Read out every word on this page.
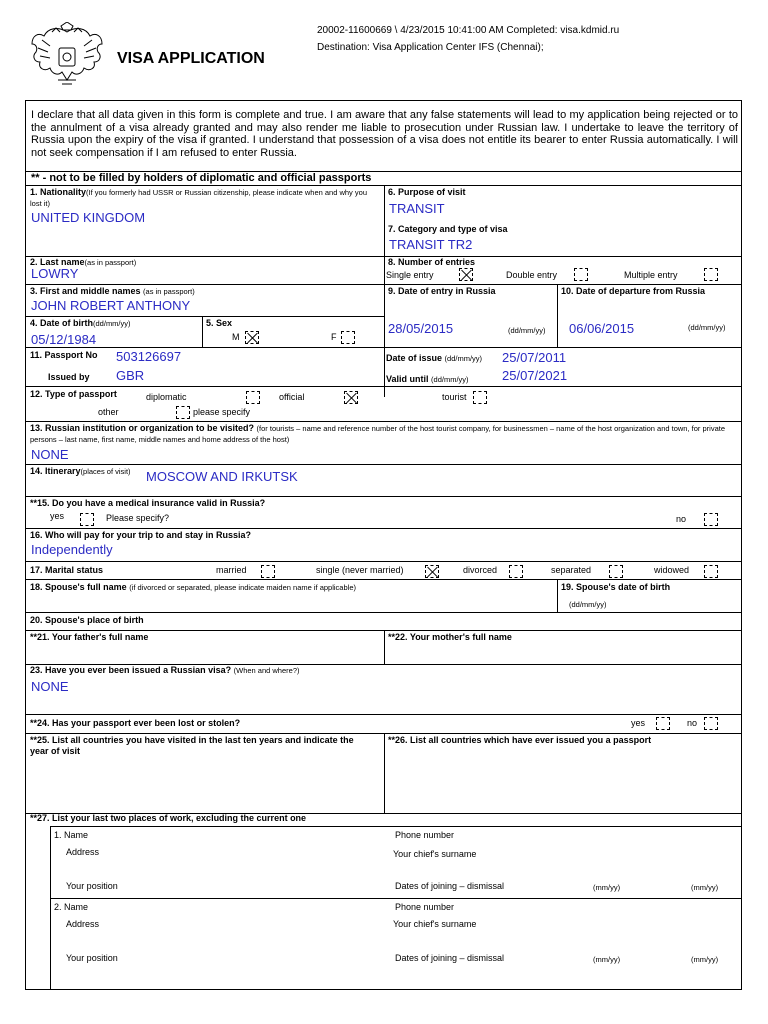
VISA APPLICATION
20002-11600669 \ 4/23/2015 10:41:00 AM Completed: visa.kdmid.ru
Destination: Visa Application Center IFS (Chennai);
I declare that all data given in this form is complete and true. I am aware that any false statements will lead to my application being rejected or to the annulment of a visa already granted and may also render me liable to prosecution under Russian law. I undertake to leave the territory of Russia upon the expiry of the visa if granted. I understand that possession of a visa does not entitle its bearer to enter Russia automatically. I will not seek compensation if I am refused to enter Russia.
** - not to be filled by holders of diplomatic and official passports
1. Nationality(If you formerly had USSR or Russian citizenship, please indicate when and why you lost it)
UNITED KINGDOM
6. Purpose of visit
TRANSIT
7. Category and type of visa
TRANSIT TR2
2. Last name(as in passport)
LOWRY
8. Number of entries
Single entry	Double entry	Multiple entry
3. First and middle names (as in passport)
JOHN ROBERT ANTHONY
9. Date of entry in Russia	10. Date of departure from Russia
28/05/2015	(dd/mm/yy) 06/06/2015	(dd/mm/yy)
4. Date of birth(dd/mm/yy)
05/12/1984
5. Sex
M	F
11. Passport No 503126697
Issued by GBR
Date of issue (dd/mm/yy) 25/07/2011
Valid until (dd/mm/yy)	25/07/2021
12. Type of passport	diplomatic	official	tourist
other	please specify
13. Russian institution or organization to be visited? (for tourists – name and reference number of the host tourist company, for businessmen – name of the host organization and town, for private persons – last name, first name, middle names and home address of the host)
NONE
14. Itinerary(places of visit) MOSCOW AND IRKUTSK
**15. Do you have a medical insurance valid in Russia?
yes	Please specify?	no
16. Who will pay for your trip to and stay in Russia?
Independently
17. Marital status	married	single (never married)	divorced	separated	widowed
18. Spouse's full name (if divorced or separated, please indicate maiden name if applicable)	19. Spouse's date of birth
(dd/mm/yy)
20. Spouse's place of birth
**21. Your father's full name	**22. Your mother's full name
23. Have you ever been issued a Russian visa? (When and where?)
NONE
**24. Has your passport ever been lost or stolen?	yes	no
**25. List all countries you have visited in the last ten years and indicate the year of visit
**26. List all countries which have ever issued you a passport
**27. List your last two places of work, excluding the current one
1. Name
Address
Your position
Phone number
Your chief's surname
Dates of joining – dismissal	(mm/yy)	(mm/yy)
2. Name
Address
Your position
Phone number
Your chief's surname
Dates of joining – dismissal	(mm/yy)	(mm/yy)
